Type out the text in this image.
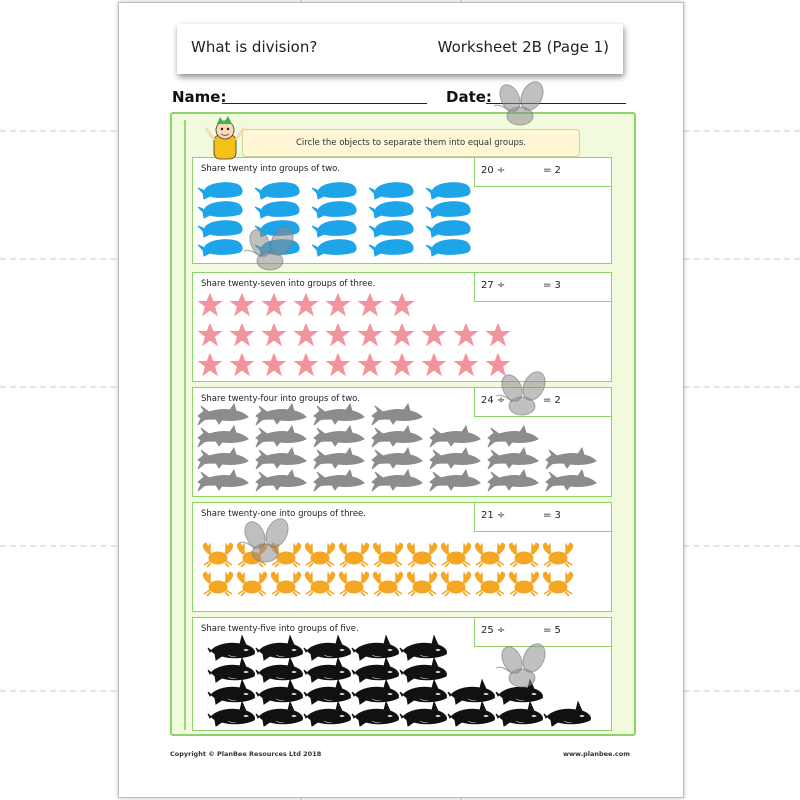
What is division?	Worksheet 2B (Page 1)
Name:	Date:
Circle the objects to separate them into equal groups.
Share twenty into groups of two.	20 ÷	= 2
Share twenty-seven into groups of three.	27 ÷	= 3
Share twenty-four into groups of two.	24 ÷	= 2
Share twenty-one into groups of three.	21 ÷	= 3
Share twenty-five into groups of five.	25 ÷	= 5
Copyright © PlanBee Resources Ltd 2018	www.planbee.com
